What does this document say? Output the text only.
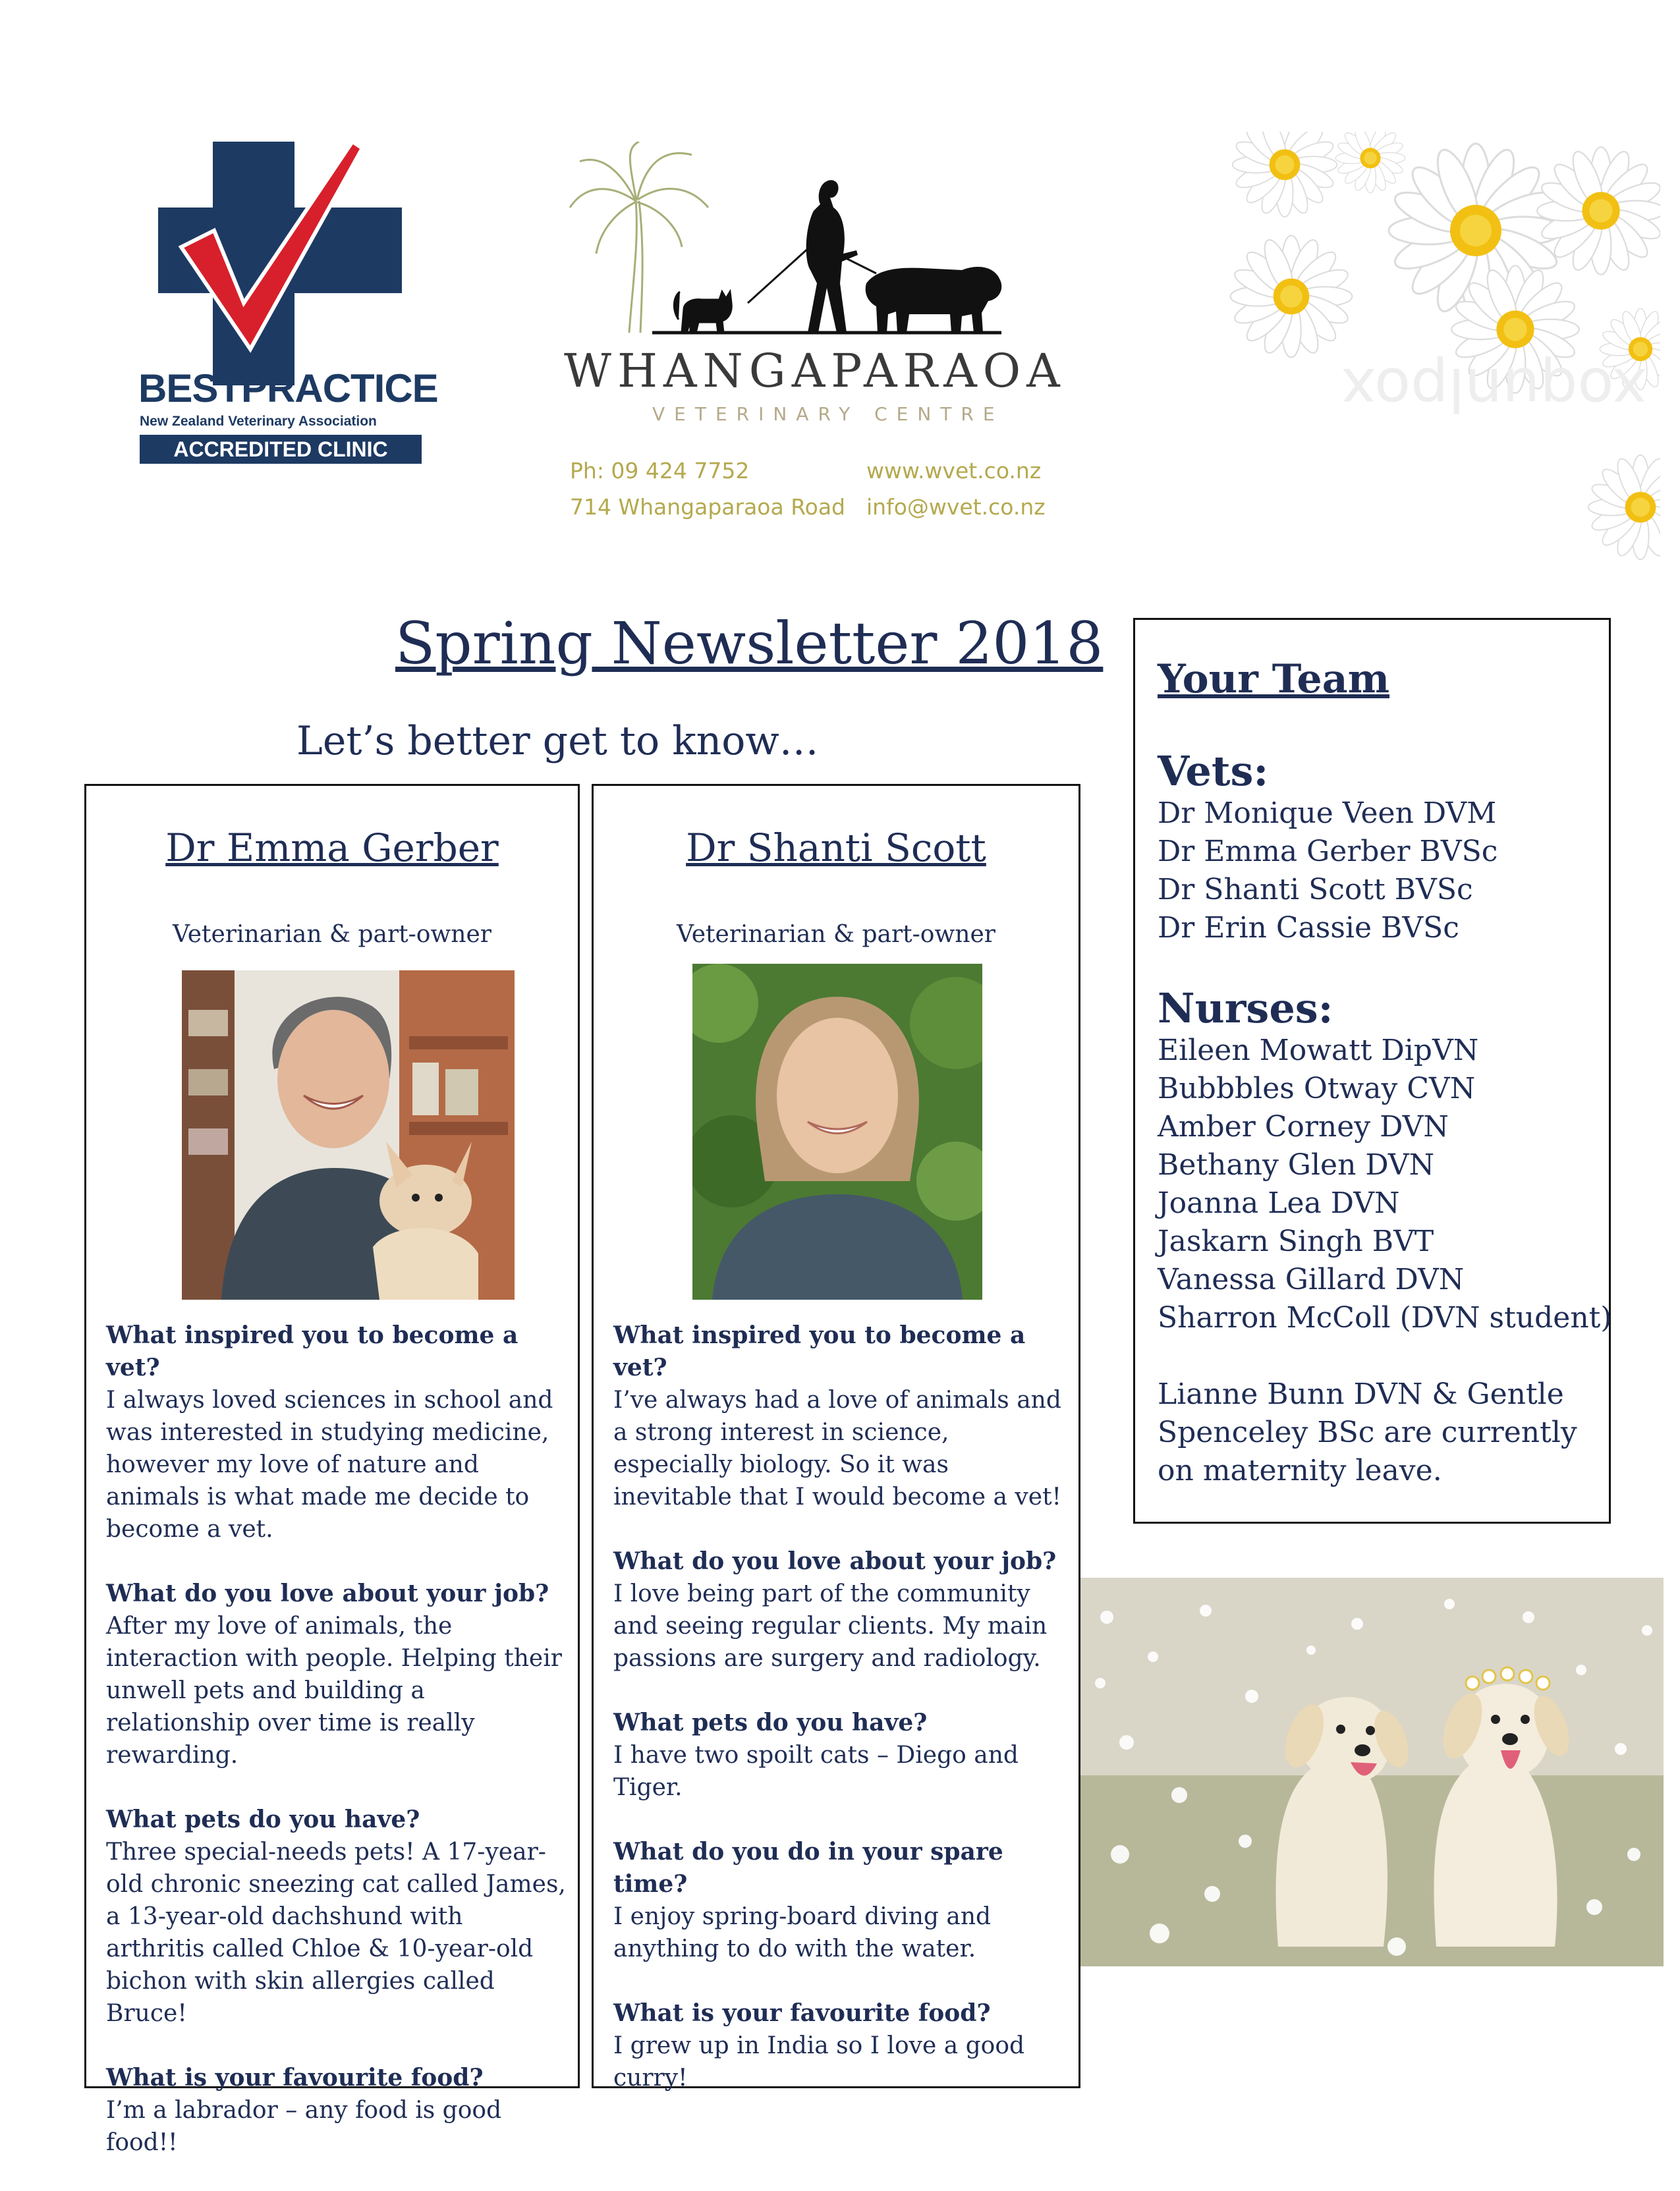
BESTPRACTICE
New Zealand Veterinary Association
ACCREDITED CLINIC
WHANGAPARAOA
VETERINARY CENTRE
Ph: 09 424 7752	www.wvet.co.nz
714 Whangaparaoa Road info@wvet.co.nz
xoqunlpox
Spring Newsletter 2018
Let’s better get to know…
Dr Emma Gerber
Veterinarian & part-owner
What inspired you to become a vet?
I always loved sciences in school and was interested in studying medicine, however my love of nature and animals is what made me decide to become a vet.
What do you love about your job?
After my love of animals, the interaction with people. Helping their unwell pets and building a relationship over time is really rewarding.
What pets do you have?
Three special-needs pets! A 17-year-old chronic sneezing cat called James, a 13-year-old dachshund with arthritis called Chloe & 10-year-old bichon with skin allergies called Bruce!
What is your favourite food?
I’m a labrador – any food is good food!!
Dr Shanti Scott
Veterinarian & part-owner
What inspired you to become a vet?
I’ve always had a love of animals and a strong interest in science, especially biology. So it was inevitable that I would become a vet!
What do you love about your job?
I love being part of the community and seeing regular clients. My main passions are surgery and radiology.
What pets do you have?
I have two spoilt cats – Diego and Tiger.
What do you do in your spare time?
I enjoy spring-board diving and anything to do with the water.
What is your favourite food?
I grew up in India so I love a good curry!
Your Team
Vets:
Dr Monique Veen DVM
Dr Emma Gerber BVSc
Dr Shanti Scott BVSc
Dr Erin Cassie BVSc
Nurses:
Eileen Mowatt DipVN
Bubbbles Otway CVN
Amber Corney DVN
Bethany Glen DVN
Joanna Lea DVN
Jaskarn Singh BVT
Vanessa Gillard DVN
Sharron McColl (DVN student)
Lianne Bunn DVN & Gentle Spenceley BSc are currently on maternity leave.
